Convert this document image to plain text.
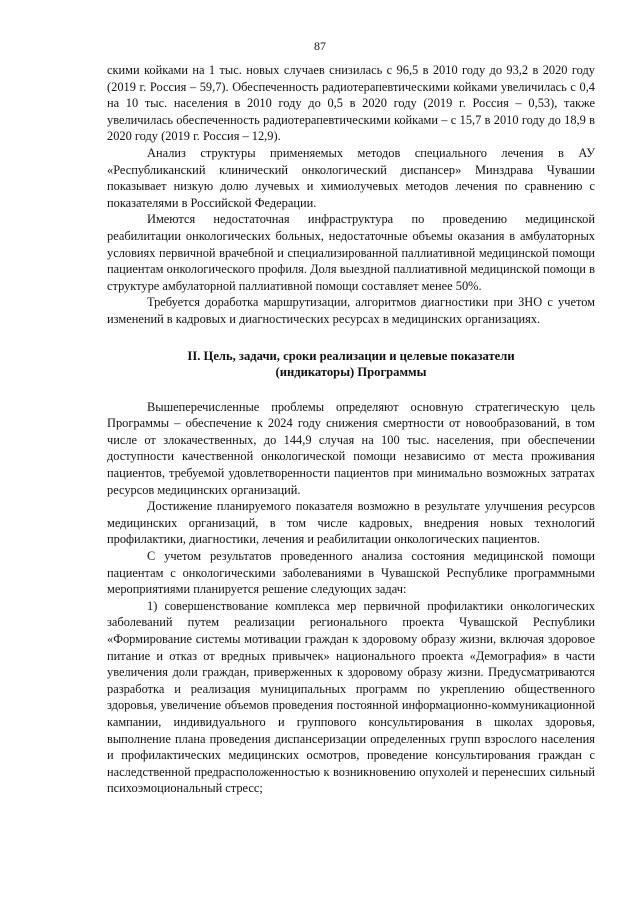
87

скими койками на 1 тыс. новых случаев снизилась с 96,5 в 2010 году до 93,2 в 2020 году (2019 г. Россия – 59,7). Обеспеченность радиотерапевтическими койками увеличилась с 0,4 на 10 тыс. населения в 2010 году до 0,5 в 2020 году (2019 г. Россия – 0,53), также увеличилась обеспеченность радиотерапевтическими койками – с 15,7 в 2010 году до 18,9 в 2020 году (2019 г. Россия – 12,9).

Анализ структуры применяемых методов специального лечения в АУ «Республиканский клинический онкологический диспансер» Минздрава Чувашии показывает низкую долю лучевых и химиолучевых методов лечения по сравнению с показателями в Российской Федерации.

Имеются недостаточная инфраструктура по проведению медицинской реабилитации онкологических больных, недостаточные объемы оказания в амбулаторных условиях первичной врачебной и специализированной паллиативной медицинской помощи пациентам онкологического профиля. Доля выездной паллиативной медицинской помощи в структуре амбулаторной паллиативной помощи составляет менее 50%.

Требуется доработка маршрутизации, алгоритмов диагностики при ЗНО с учетом изменений в кадровых и диагностических ресурсах в медицинских организациях.

II. Цель, задачи, сроки реализации и целевые показатели
(индикаторы) Программы

Вышеперечисленные проблемы определяют основную стратегическую цель Программы – обеспечение к 2024 году снижения смертности от новообразований, в том числе от злокачественных, до 144,9 случая на 100 тыс. населения, при обеспечении доступности качественной онкологической помощи независимо от места проживания пациентов, требуемой удовлетворенности пациентов при минимально возможных затратах ресурсов медицинских организаций.

Достижение планируемого показателя возможно в результате улучшения ресурсов медицинских организаций, в том числе кадровых, внедрения новых технологий профилактики, диагностики, лечения и реабилитации онкологических пациентов.

С учетом результатов проведенного анализа состояния медицинской помощи пациентам с онкологическими заболеваниями в Чувашской Республике программными мероприятиями планируется решение следующих задач:

1) совершенствование комплекса мер первичной профилактики онкологических заболеваний путем реализации регионального проекта Чувашской Республики «Формирование системы мотивации граждан к здоровому образу жизни, включая здоровое питание и отказ от вредных привычек» национального проекта «Демография» в части увеличения доли граждан, приверженных к здоровому образу жизни. Предусматриваются разработка и реализация муниципальных программ по укреплению общественного здоровья, увеличение объемов проведения постоянной информационно-коммуникационной кампании, индивидуального и группового консультирования в школах здоровья, выполнение плана проведения диспансеризации определенных групп взрослого населения и профилактических медицинских осмотров, проведение консультирования граждан с наследственной предрасположенностью к возникновению опухолей и перенесших сильный психоэмоциональный стресс;
